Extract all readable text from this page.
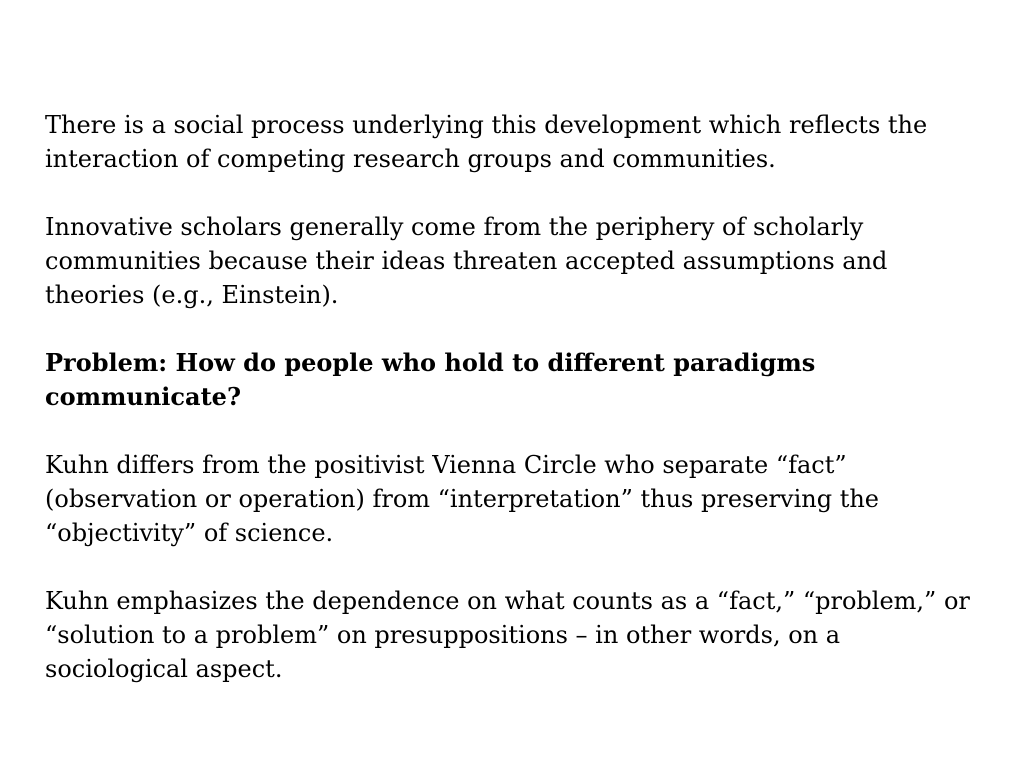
There is a social process underlying this development which reflects the interaction of competing research groups and communities.

Innovative scholars generally come from the periphery of scholarly communities because their ideas threaten accepted assumptions and theories (e.g., Einstein).

Problem: How do people who hold to different paradigms communicate?

Kuhn differs from the positivist Vienna Circle who separate “fact” (observation or operation) from “interpretation” thus preserving the “objectivity” of science.

Kuhn emphasizes the dependence on what counts as a “fact,” “problem,” or “solution to a problem” on presuppositions – in other words, on a sociological aspect.
